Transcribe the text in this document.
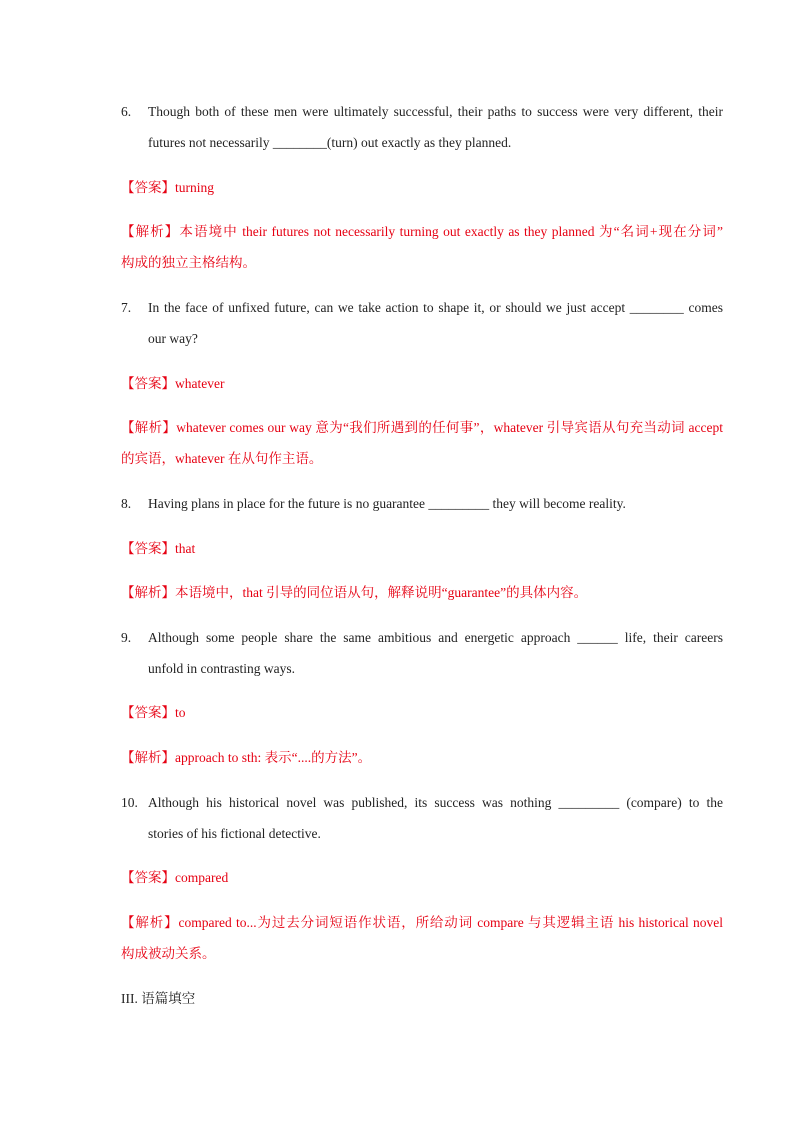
6. Though both of these men were ultimately successful, their paths to success were very different, their
futures not necessarily ________(turn) out exactly as they planned.
【答案】turning
【解析】本语境中 their futures not necessarily turning out exactly as they planned 为“名词+现在分词”
构成的独立主格结构。
7. In the face of unfixed future, can we take action to shape it, or should we just accept ________ comes
our way?
【答案】whatever
【解析】whatever comes our way 意为“我们所遇到的任何事”，whatever 引导宾语从句充当动词 accept
的宾语，whatever 在从句作主语。
8. Having plans in place for the future is no guarantee _________ they will become reality.
【答案】that
【解析】本语境中，that 引导的同位语从句，解释说明“guarantee”的具体内容。
9. Although some people share the same ambitious and energetic approach ______ life, their careers
unfold in contrasting ways.
【答案】to
【解析】approach to sth: 表示“....的方法”。
10. Although his historical novel was published, its success was nothing _________ (compare) to the
stories of his fictional detective.
【答案】compared
【解析】compared to...为过去分词短语作状语，所给动词 compare 与其逻辑主语 his historical novel
构成被动关系。
III. 语篇填空
